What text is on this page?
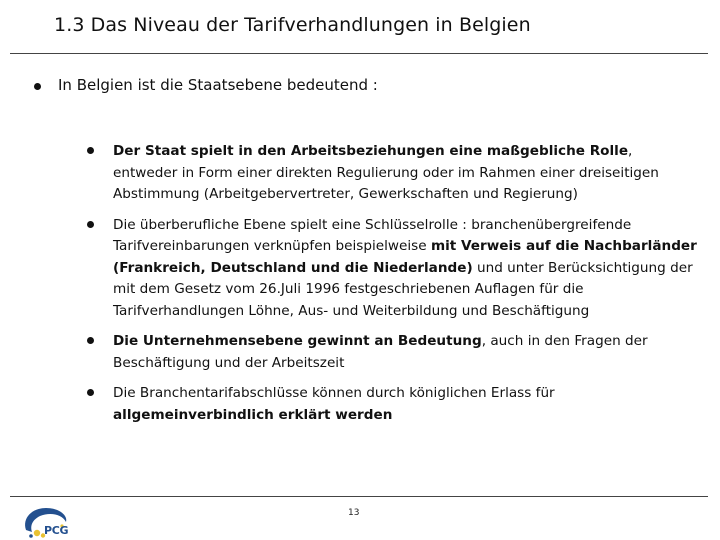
1.3 Das Niveau der Tarifverhandlungen in Belgien
In Belgien ist die Staatsebene bedeutend :
Der Staat spielt in den Arbeitsbeziehungen eine maßgebliche Rolle, entweder in Form einer direkten Regulierung oder im Rahmen einer dreiseitigen Abstimmung (Arbeitgebervertreter, Gewerkschaften und Regierung)
Die überberufliche Ebene spielt eine Schlüsselrolle : branchenübergreifende Tarifvereinbarungen verknüpfen beispielweise mit Verweis auf die Nachbarländer (Frankreich, Deutschland und die Niederlande) und unter Berücksichtigung der mit dem Gesetz vom 26.Juli 1996 festgeschriebenen Auflagen für die Tarifverhandlungen Löhne, Aus- und Weiterbildung und Beschäftigung
Die Unternehmensebene gewinnt an Bedeutung, auch in den Fragen der Beschäftigung und der Arbeitszeit
Die Branchentarifabschlüsse können durch königlichen Erlass für allgemeinverbindlich erklärt werden
PCG
13
